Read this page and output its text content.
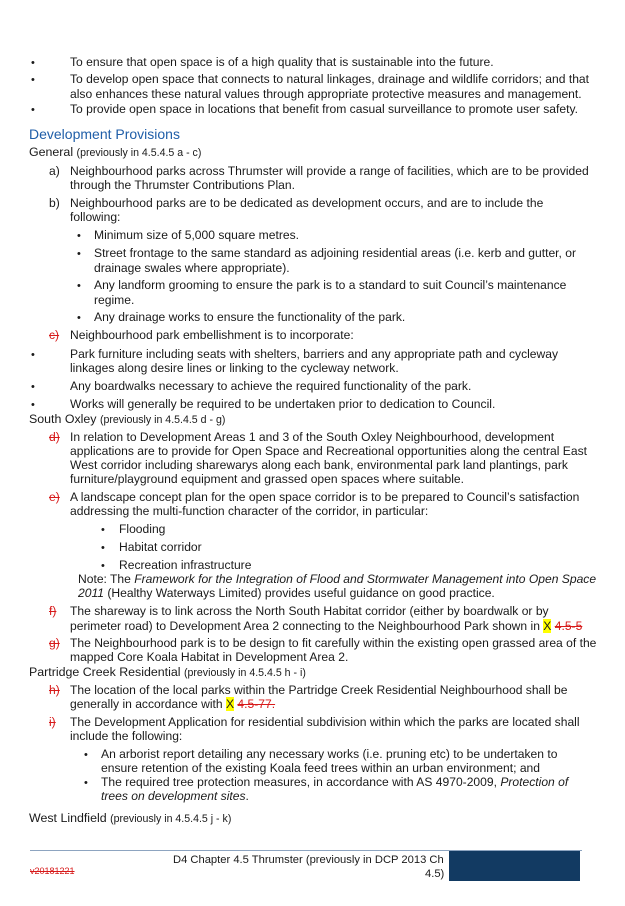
•	To ensure that open space is of a high quality that is sustainable into the future.
•	To develop open space that connects to natural linkages, drainage and wildlife corridors; and that
also enhances these natural values through appropriate protective measures and management.
•	To provide open space in locations that benefit from casual surveillance to promote user safety.
Development Provisions
General (previously in 4.5.4.5 a - c)
a) Neighbourhood parks across Thrumster will provide a range of facilities, which are to be provided
through the Thrumster Contributions Plan.
b) Neighbourhood parks are to be dedicated as development occurs, and are to include the
following:
• Minimum size of 5,000 square metres.
• Street frontage to the same standard as adjoining residential areas (i.e. kerb and gutter, or
drainage swales where appropriate).
• Any landform grooming to ensure the park is to a standard to suit Council’s maintenance
regime.
• Any drainage works to ensure the functionality of the park.
c) Neighbourhood park embellishment is to incorporate:
•	Park furniture including seats with shelters, barriers and any appropriate path and cycleway
linkages along desire lines or linking to the cycleway network.
•	Any boardwalks necessary to achieve the required functionality of the park.
•	Works will generally be required to be undertaken prior to dedication to Council.
South Oxley (previously in 4.5.4.5 d - g)
d) In relation to Development Areas 1 and 3 of the South Oxley Neighbourhood, development
applications are to provide for Open Space and Recreational opportunities along the central East
West corridor including sharewarys along each bank, environmental park land plantings, park
furniture/playground equipment and grassed open spaces where suitable.
e) A landscape concept plan for the open space corridor is to be prepared to Council’s satisfaction
addressing the multi-function character of the corridor, in particular:
• Flooding
• Habitat corridor
• Recreation infrastructure
Note: The Framework for the Integration of Flood and Stormwater Management into Open Space
2011 (Healthy Waterways Limited) provides useful guidance on good practice.
f) The shareway is to link across the North South Habitat corridor (either by boardwalk or by
perimeter road) to Development Area 2 connecting to the Neighbourhood Park shown in X 4.5-5
g) The Neighbourhood park is to be design to fit carefully within the existing open grassed area of the
mapped Core Koala Habitat in Development Area 2.
Partridge Creek Residential (previously in 4.5.4.5 h - i)
h) The location of the local parks within the Partridge Creek Residential Neighbourhood shall be
generally in accordance with X 4.5-77.
i) The Development Application for residential subdivision within which the parks are located shall
include the following:
• An arborist report detailing any necessary works (i.e. pruning etc) to be undertaken to
ensure retention of the existing Koala feed trees within an urban environment; and
• The required tree protection measures, in accordance with AS 4970-2009, Protection of
trees on development sites.
West Lindfield (previously in 4.5.4.5 j - k)
D4 Chapter 4.5 Thrumster (previously in DCP 2013 Ch
4.5)
v20181221
